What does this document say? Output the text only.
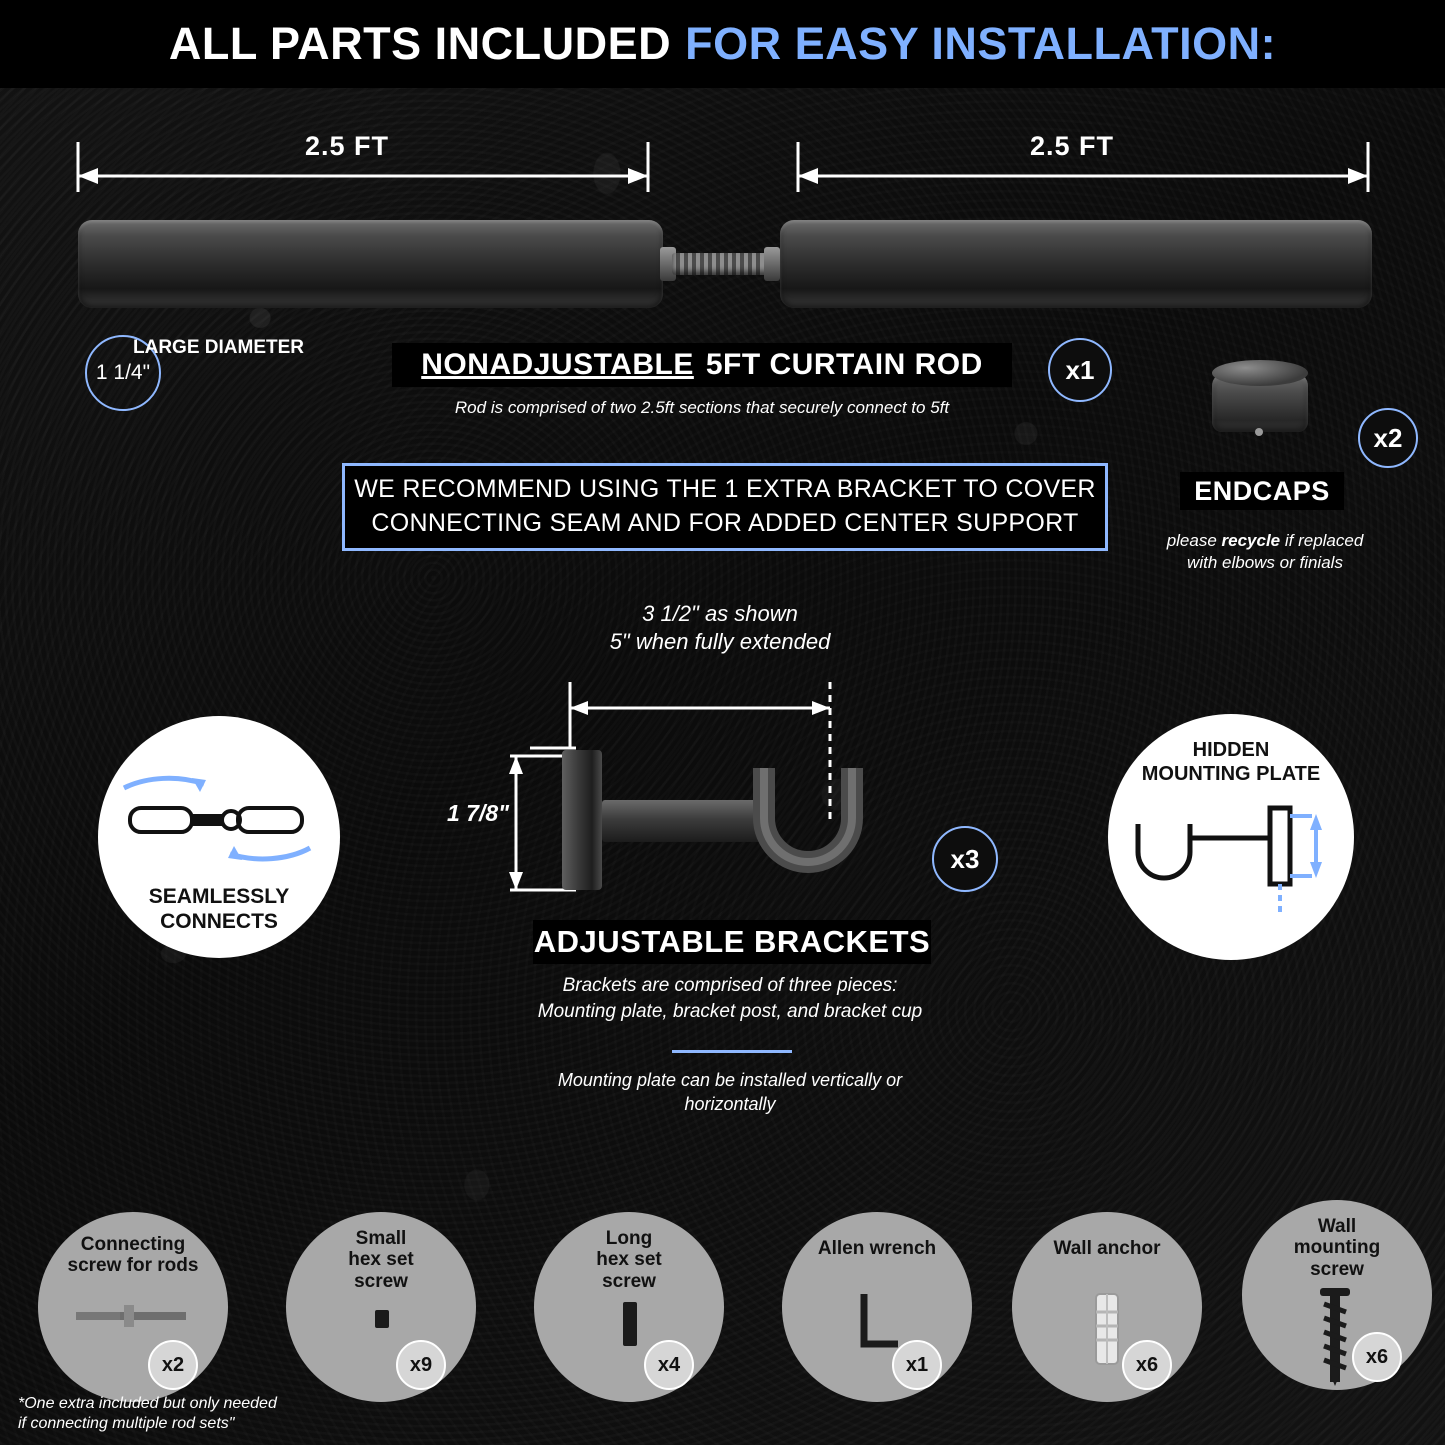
ALL PARTS INCLUDED FOR EASY INSTALLATION:
2.5 FT	2.5 FT
1 1/4"
LARGE DIAMETER
NONADJUSTABLE 5FT CURTAIN ROD	x1
Rod is comprised of two 2.5ft sections that securely connect to 5ft
WE RECOMMEND USING THE 1 EXTRA BRACKET TO COVER
CONNECTING SEAM AND FOR ADDED CENTER SUPPORT
x2
ENDCAPS
please recycle if replaced
with elbows or finials
3 1/2" as shown
5" when fully extended
1 7/8"
x3
ADJUSTABLE BRACKETS
Brackets are comprised of three pieces:
Mounting plate, bracket post, and bracket cup
Mounting plate can be installed vertically or
horizontally
SEAMLESSLY
CONNECTS
HIDDEN
MOUNTING PLATE
Connecting
screw for rods
x2
Small
hex set
screw
x9
Long
hex set
screw
x4
Allen wrench
x1
Wall anchor
x6
Wall
mounting
screw
x6
*One extra included but only needed
if connecting multiple rod sets"
